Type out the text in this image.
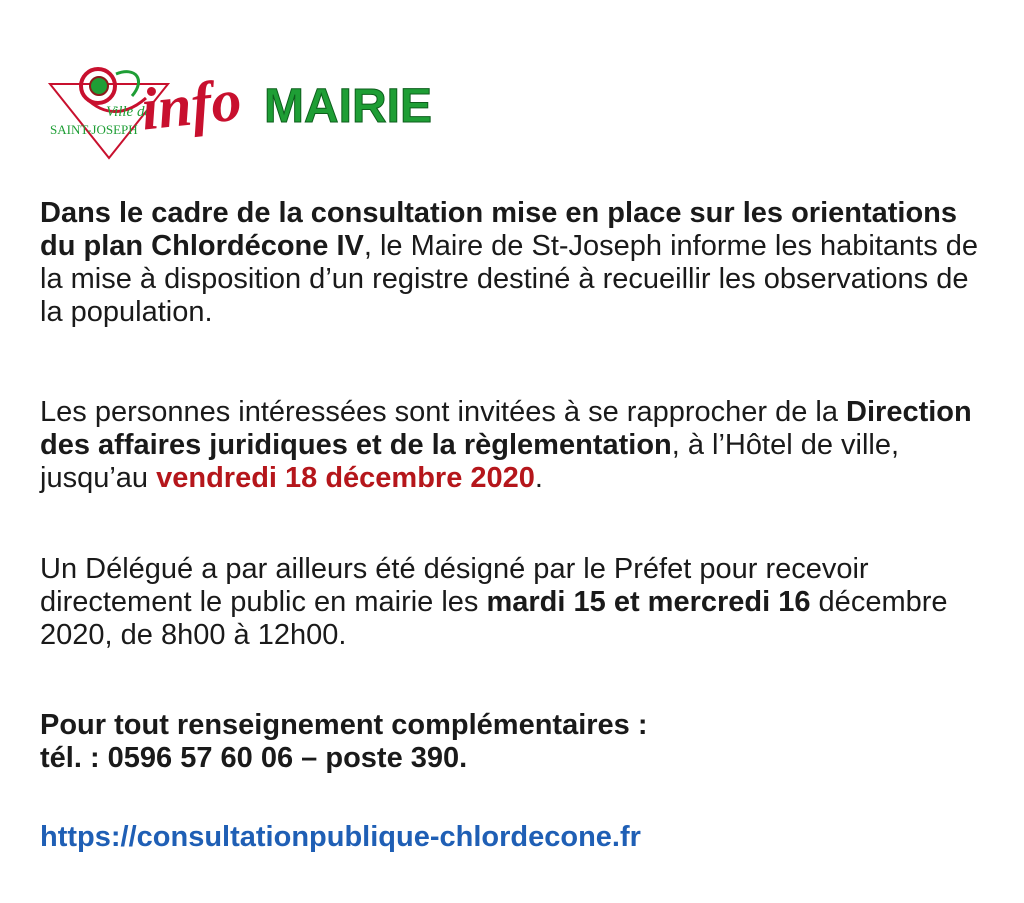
Ville de
SAINT-JOSEPH info MAIRIE
Dans le cadre de la consultation mise en place sur les orientations du plan Chlordécone IV, le Maire de St-Joseph informe les habitants de la mise à disposition d’un registre destiné à recueillir les observations de la population.
Les personnes intéressées sont invitées à se rapprocher de la Direction des affaires juridiques et de la règlementation, à l’Hôtel de ville, jusqu’au vendredi 18 décembre 2020.
Un Délégué a par ailleurs été désigné par le Préfet pour recevoir directement le public en mairie les mardi 15 et mercredi 16 décembre 2020, de 8h00 à 12h00.
Pour tout renseignement complémentaires :
tél. : 0596 57 60 06 – poste 390.
https://consultationpublique-chlordecone.fr
